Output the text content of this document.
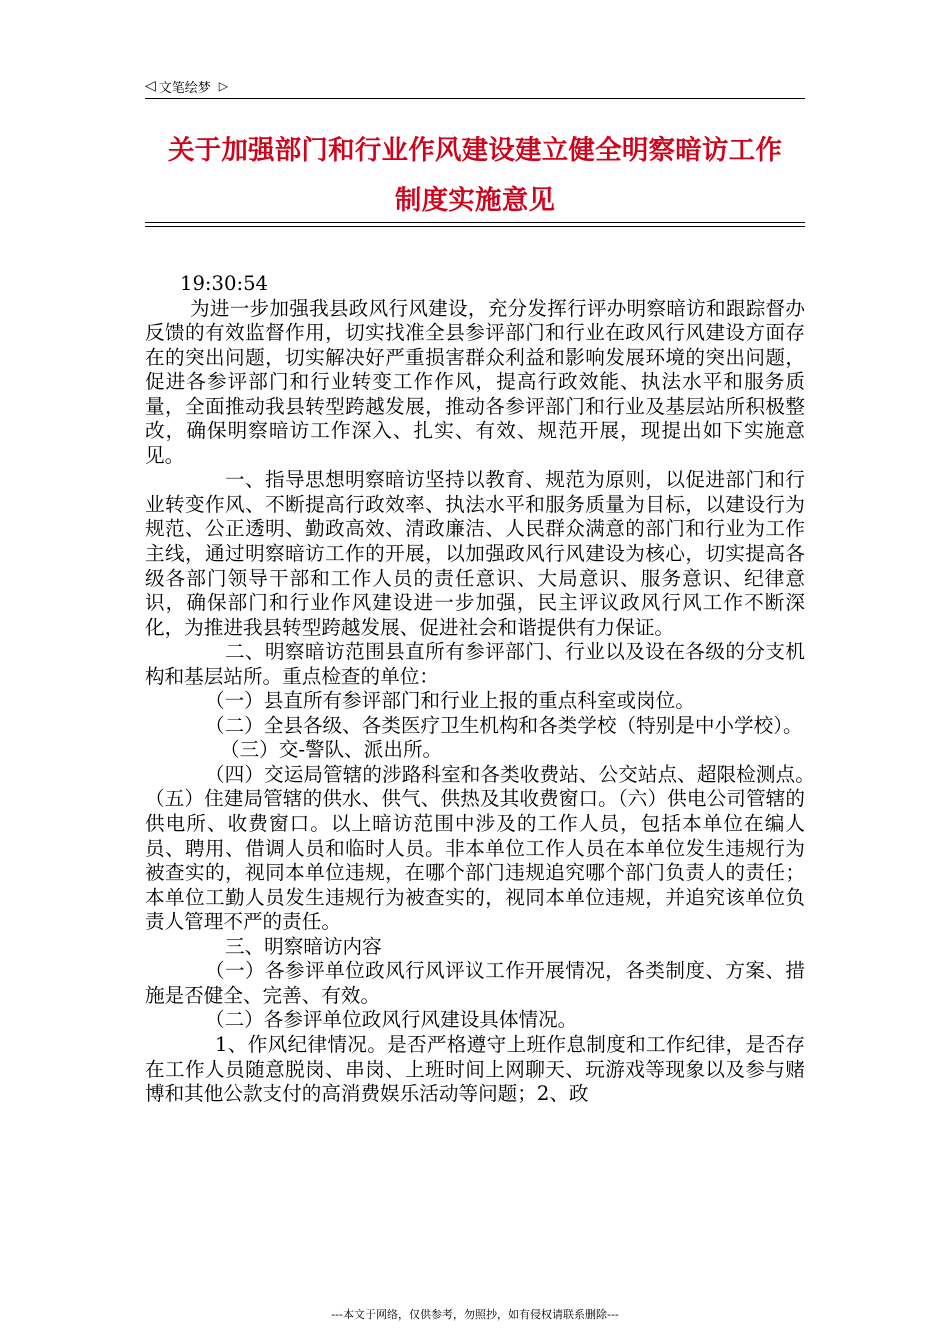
◁ 文笔绘梦 ▷
关于加强部门和行业作风建设建立健全明察暗访工作
制度实施意见

19:30:54

为进一步加强我县政风行风建设，充分发挥行评办明察暗访和跟踪督办反馈的有效监督作用，切实找准全县参评部门和行业在政风行风建设方面存在的突出问题，切实解决好严重损害群众利益和影响发展环境的突出问题，促进各参评部门和行业转变工作作风，提高行政效能、执法水平和服务质量，全面推动我县转型跨越发展，推动各参评部门和行业及基层站所积极整改，确保明察暗访工作深入、扎实、有效、规范开展，现提出如下实施意见。

一、指导思想明察暗访坚持以教育、规范为原则，以促进部门和行业转变作风、不断提高行政效率、执法水平和服务质量为目标，以建设行为规范、公正透明、勤政高效、清政廉洁、人民群众满意的部门和行业为工作主线，通过明察暗访工作的开展，以加强政风行风建设为核心，切实提高各级各部门领导干部和工作人员的责任意识、大局意识、服务意识、纪律意识，确保部门和行业作风建设进一步加强，民主评议政风行风工作不断深化，为推进我县转型跨越发展、促进社会和谐提供有力保证。

二、明察暗访范围县直所有参评部门、行业以及设在各级的分支机构和基层站所。重点检查的单位：

（一）县直所有参评部门和行业上报的重点科室或岗位。

（二）全县各级、各类医疗卫生机构和各类学校（特别是中小学校）。

（三）交-警队、派出所。

（四）交运局管辖的涉路科室和各类收费站、公交站点、超限检测点。　　（五）住建局管辖的供水、供气、供热及其收费窗口。（六）供电公司管辖的供电所、收费窗口。以上暗访范围中涉及的工作人员，包括本单位在编人员、聘用、借调人员和临时人员。非本单位工作人员在本单位发生违规行为被查实的，视同本单位违规，在哪个部门违规追究哪个部门负责人的责任；本单位工勤人员发生违规行为被查实的，视同本单位违规，并追究该单位负责人管理不严的责任。

三、明察暗访内容

（一）各参评单位政风行风评议工作开展情况，各类制度、方案、措施是否健全、完善、有效。

（二）各参评单位政风行风建设具体情况。

1、作风纪律情况。是否严格遵守上班作息制度和工作纪律，是否存在工作人员随意脱岗、串岗、上班时间上网聊天、玩游戏等现象以及参与赌博和其他公款支付的高消费娱乐活动等问题；2、政

---本文于网络，仅供参考，勿照抄，如有侵权请联系删除---
